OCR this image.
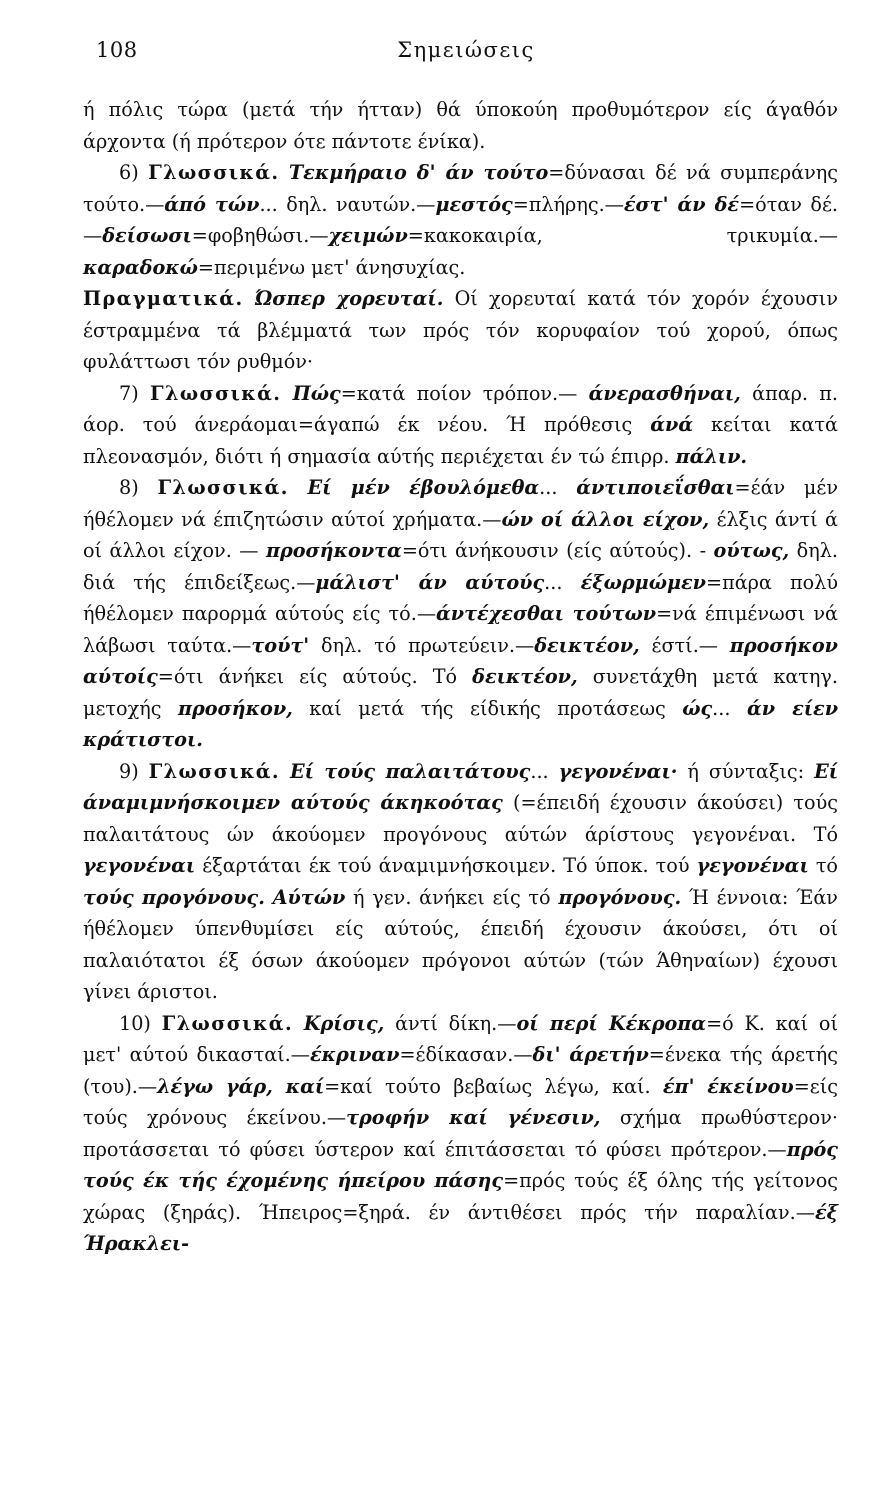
108	Σημειώσεις

ή πόλις τώρα (μετά τήν ήτταν) θά ύποκούη προθυμότερον είς άγαθόν άρχοντα (ή πρότερον ότε πάντοτε ένίκα).

6) Γλωσσικά. Τεκμήραιο δ' άν τούτο=δύνασαι δέ νά συμπεράνης τούτο.—άπό τών... δηλ. ναυτών.—μεστός=πλήρης.—έστ' άν δέ=όταν δέ.—δείσωσι=φοβηθώσι.—χειμών=κακοκαιρία, τρικυμία.—καραδοκώ=περιμένω μετ' άνησυχίας.

Πραγματικά. Ώσπερ χορευταί. Οί χορευταί κατά τόν χορόν έχουσιν έστραμμένα τά βλέμματά των πρός τόν κορυφαίον τού χορού, όπως φυλάττωσι τόν ρυθμόν·

7) Γλωσσικά. Πώς=κατά ποίον τρόπον.— άνερασθήναι, άπαρ. π. άορ. τού άνεράομαι=άγαπώ έκ νέου. Ή πρόθεσις άνά κείται κατά πλεονασμόν, διότι ή σημασία αύτής περιέχεται έν τώ έπιρρ. πάλιν.

8) Γλωσσικά. Εί μέν έβουλόμεθα... άντιποιεΐσθαι=έάν μέν ήθέλομεν νά έπιζητώσιν αύτοί χρήματα.—ών οί άλλοι είχον, έλξις άντί ά οί άλλοι είχον. — προσήκοντα=ότι άνήκουσιν (είς αύτούς). - ούτως, δηλ. διά τής έπιδείξεως.—μάλιστ' άν αύτούς... έξωρμώμεν=πάρα πολύ ήθέλομεν παρορμά αύτούς είς τό.—άντέχεσθαι τούτων=νά έπιμένωσι νά λάβωσι ταύτα.—τούτ' δηλ. τό πρωτεύειν.—δεικτέον, έστί.— προσήκον αύτοίς=ότι άνήκει είς αύτούς. Τό δεικτέον, συνετάχθη μετά κατηγ. μετοχής προσήκον, καί μετά τής είδικής προτάσεως ώς... άν είεν κράτιστοι.

9) Γλωσσικά. Εί τούς παλαιτάτους... γεγονέναι· ή σύνταξις: Εί άναμιμνήσκοιμεν αύτούς άκηκοότας (=έπειδή έχουσιν άκούσει) τούς παλαιτάτους ών άκούομεν προγόνους αύτών άρίστους γεγονέναι. Τό γεγονέναι έξαρτάται έκ τού άναμιμνήσκοιμεν. Τό ύποκ. τού γεγονέναι τό τούς προγόνους. Αύτών ή γεν. άνήκει είς τό προγόνους. Ή έννοια: Έάν ήθέλομεν ύπενθυμίσει είς αύτούς, έπειδή έχουσιν άκούσει, ότι οί παλαιότατοι έξ όσων άκούομεν πρόγονοι αύτών (τών Άθηναίων) έχουσι γίνει άριστοι.

10) Γλωσσικά. Κρίσις, άντί δίκη.—οί περί Κέκροπα=ό Κ. καί οί μετ' αύτού δικασταί.—έκριναν=έδίκασαν.—δι' άρετήν=ένεκα τής άρετής (του).—λέγω γάρ, καί=καί τούτο βεβαίως λέγω, καί. έπ' έκείνου=είς τούς χρόνους έκείνου.—τροφήν καί γένεσιν, σχήμα πρωθύστερον· προτάσσεται τό φύσει ύστερον καί έπιτάσσεται τό φύσει πρότερον.—πρός τούς έκ τής έχομένης ήπείρου πάσης=πρός τούς έξ όλης τής γείτονος χώρας (ξηράς). Ήπειρος=ξηρά. έν άντιθέσει πρός τήν παραλίαν.—έξ Ήρακλει-
